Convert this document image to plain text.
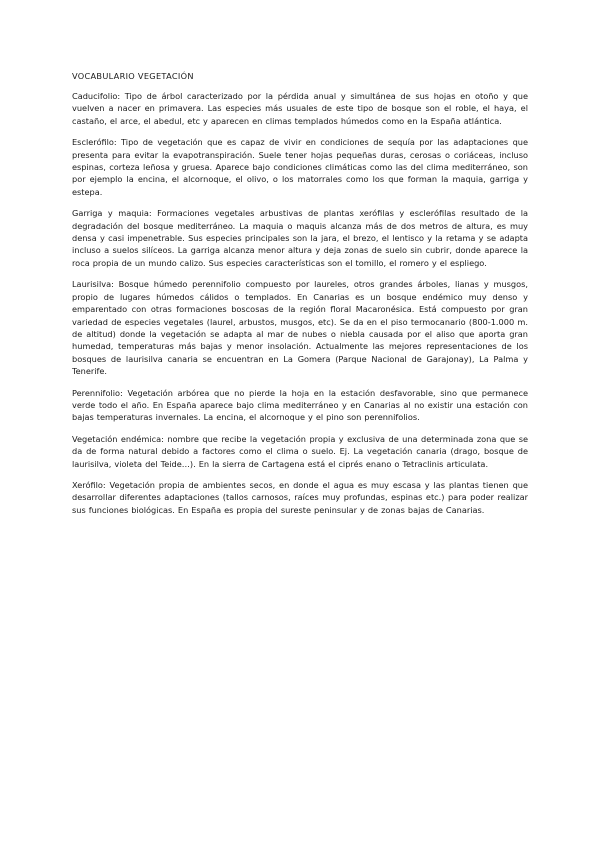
VOCABULARIO VEGETACIÓN

Caducifolio: Tipo de árbol caracterizado por la pérdida anual y simultánea de sus hojas en otoño y que vuelven a nacer en primavera. Las especies más usuales de este tipo de bosque son el roble, el haya, el castaño, el arce, el abedul, etc y aparecen en climas templados húmedos como en la España atlántica.

Esclerófilo: Tipo de vegetación que es capaz de vivir en condiciones de sequía por las adaptaciones que presenta para evitar la evapotranspiración. Suele tener hojas pequeñas duras, cerosas o coriáceas, incluso espinas, corteza leñosa y gruesa. Aparece bajo condiciones climáticas como las del clima mediterráneo, son por ejemplo la encina, el alcornoque, el olivo, o los matorrales como los que forman la maquia, garriga y estepa.

Garriga y maquia: Formaciones vegetales arbustivas de plantas xerófilas y esclerófilas resultado de la degradación del bosque mediterráneo. La maquia o maquis alcanza más de dos metros de altura, es muy densa y casi impenetrable. Sus especies principales son la jara, el brezo, el lentisco y la retama y se adapta incluso a suelos silíceos. La garriga alcanza menor altura y deja zonas de suelo sin cubrir, donde aparece la roca propia de un mundo calizo. Sus especies características son el tomillo, el romero y el espliego.

Laurisilva: Bosque húmedo perennifolio compuesto por laureles, otros grandes árboles, lianas y musgos, propio de lugares húmedos cálidos o templados. En Canarias es un bosque endémico muy denso y emparentado con otras formaciones boscosas de la región floral Macaronésica. Está compuesto por gran variedad de especies vegetales (laurel, arbustos, musgos, etc). Se da en el piso termocanario (800-1.000 m. de altitud) donde la vegetación se adapta al mar de nubes o niebla causada por el aliso que aporta gran humedad, temperaturas más bajas y menor insolación. Actualmente las mejores representaciones de los bosques de laurisilva canaria se encuentran en La Gomera (Parque Nacional de Garajonay), La Palma y Tenerife.

Perennifolio: Vegetación arbórea que no pierde la hoja en la estación desfavorable, sino que permanece verde todo el año. En España aparece bajo clima mediterráneo y en Canarias al no existir una estación con bajas temperaturas invernales. La encina, el alcornoque y el pino son perennifolios.

Vegetación endémica: nombre que recibe la vegetación propia y exclusiva de una determinada zona que se da de forma natural debido a factores como el clima o suelo. Ej. La vegetación canaria (drago, bosque de laurisilva, violeta del Teide…). En la sierra de Cartagena está el ciprés enano o Tetraclinis articulata.

Xerófilo: Vegetación propia de ambientes secos, en donde el agua es muy escasa y las plantas tienen que desarrollar diferentes adaptaciones (tallos carnosos, raíces muy profundas, espinas etc.) para poder realizar sus funciones biológicas. En España es propia del sureste peninsular y de zonas bajas de Canarias.
